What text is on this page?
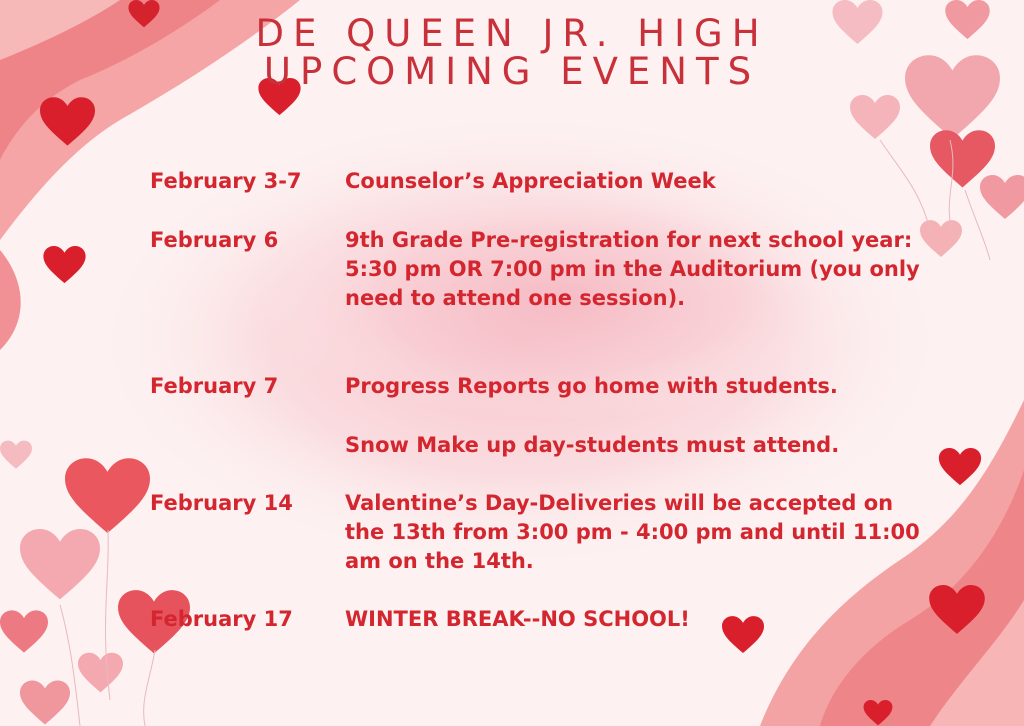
DE QUEEN JR. HIGH
UPCOMING EVENTS
February 3-7 Counselor’s Appreciation Week
February 6	9th Grade Pre-registration for next school year: 5:30 pm OR 7:00 pm in the Auditorium (you only need to attend one session).
February 7	Progress Reports go home with students.
Snow Make up day-students must attend.
February 14 Valentine’s Day-Deliveries will be accepted on the 13th from 3:00 pm - 4:00 pm and until 11:00 am on the 14th.
February 17 WINTER BREAK--NO SCHOOL!
